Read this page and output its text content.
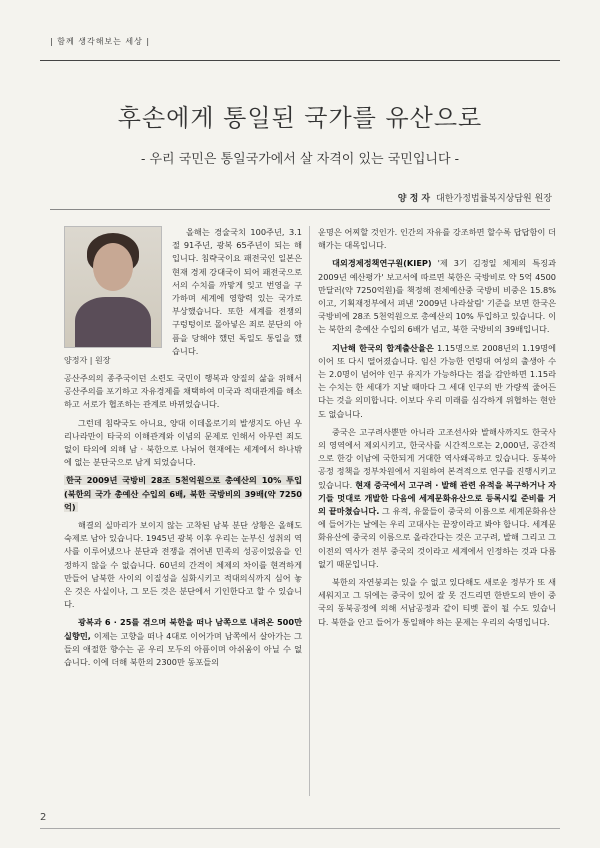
| 함께 생각해보는 세상 |
후손에게 통일된 국가를 유산으로
- 우리 국민은 통일국가에서 살 자격이 있는 국민입니다 -
양 정 자 대한가정법률복지상담원 원장
양정자 | 원장

올해는 경술국치 100주년, 3.1절 91주년, 광복 65주년이 되는 해입니다. 침략국이요 패전국인 일본은 현재 경제 강대국이 되어 패전국으로서의 수치를 까맣게 잊고 번영을 구가하며 세계에 영향력 있는 국가로 부상했습니다. 또한 세계를 전쟁의 구렁텅이로 몰아넣은 죄로 분단의 아픔을 당해야 했던 독일도 통일을 했습니다.

공산주의의 종주국이던 소련도 국민이 행복과 양질의 삶을 위해서 공산주의를 포기하고 자유경제를 채택하여 미국과 적대관계를 해소하고 서로가 협조하는 관계로 바뀌었습니다.

그런데 침략국도 아니요, 양대 이데올로기의 발생지도 아닌 우리나라만이 타국의 이해관계와 이념의 문제로 인해서 아무런 죄도 없이 타의에 의해 남 · 북한으로 나뉘어 현재에는 세계에서 하나밖에 없는 분단국으로 남게 되었습니다.

한국 2009년 국방비 28조 5천억원으로 총예산의 10% 투입 (북한의 국가 총예산 수입의 6배, 북한 국방비의 39배(약 7250억)

해결의 실마리가 보이지 않는 고착된 남북 분단 상황은 올해도 숙제로 남아 있습니다. 1945년 광복 이후 우리는 눈부신 성취의 역사를 이루어냈으나 분단과 전쟁을 겪어낸 민족의 성공이었음을 인정하지 않을 수 없습니다. 60년의 간격이 체제의 차이를 현격하게 만들어 남북한 사이의 이질성을 심화시키고 적대의식까지 심어 놓은 것은 사실이나, 그 모든 것은 분단에서 기인한다고 할 수 있습니다.

광복과 6 · 25를 겪으며 북한을 떠나 남쪽으로 내려온 500만 실향민, 이제는 고향을 떠나 4대로 이어가며 남쪽에서 살아가는 그들의 애절한 향수는 곧 우리 모두의 아픔이며 아쉬움이 아닐 수 없습니다. 이에 더해 북한의 2300만 동포들의

운명은 어찌할 것인가. 인간의 자유를 강조하면 할수록 답답함이 더해가는 대목입니다.

대외경제정책연구원(KIEP) '제 3기 김정일 체제의 특징과 2009년 예산평가' 보고서에 따르면 북한은 국방비로 약 5억 4500만달러(약 7250억원)를 책정해 전체예산중 국방비 비중은 15.8%이고, 기획재정부에서 펴낸 '2009년 나라살림' 기준을 보면 한국은 국방비에 28조 5천억원으로 총예산의 10% 투입하고 있습니다. 이는 북한의 총예산 수입의 6배가 넘고, 북한 국방비의 39배입니다.

지난해 한국의 합계출산율은 1.15명으로 2008년의 1.19명에 이어 또 다시 떨어졌습니다. 임신 가능한 연령대 여성의 출생아 수는 2.0명이 넘어야 인구 유지가 가능하다는 점을 감안하면 1.15라는 수치는 한 세대가 지날 때마다 그 세대 인구의 반 가량씩 줄어든다는 것을 의미합니다. 이보다 우리 미래를 심각하게 위협하는 현안도 없습니다.

중국은 고구려사뿐만 아니라 고조선사와 발해사까지도 한국사의 영역에서 제외시키고, 한국사를 시간적으로는 2,000년, 공간적으로 한강 이남에 국한되게 거대한 역사왜곡하고 있습니다. 동북아공정 정책을 정부차원에서 지원하여 본격적으로 연구를 진행시키고 있습니다. 현재 중국에서 고구려 · 발해 관련 유적을 복구하거나 자기들 멋대로 개발한 다음에 세계문화유산으로 등록시킬 준비를 거의 끝마쳤습니다. 그 유적, 유물들이 중국의 이름으로 세계문화유산에 들어가는 날에는 우리 고대사는 끝장이라고 봐야 합니다. 세계문화유산에 중국의 이름으로 올라간다는 것은 고구려, 발해 그리고 그 이전의 역사가 전부 중국의 것이라고 세계에서 인정하는 것과 다름없기 때문입니다.

북한의 자연붕괴는 있을 수 없고 있다해도 새로운 정부가 또 새 세워지고 그 뒤에는 중국이 있어 잘 못 건드리면 한반도의 반이 중국의 동북공정에 의해 서남공정과 같이 티벳 꼴이 될 수도 있습니다. 북한을 안고 들어가 통일해야 하는 문제는 우리의 숙명입니다.

2
